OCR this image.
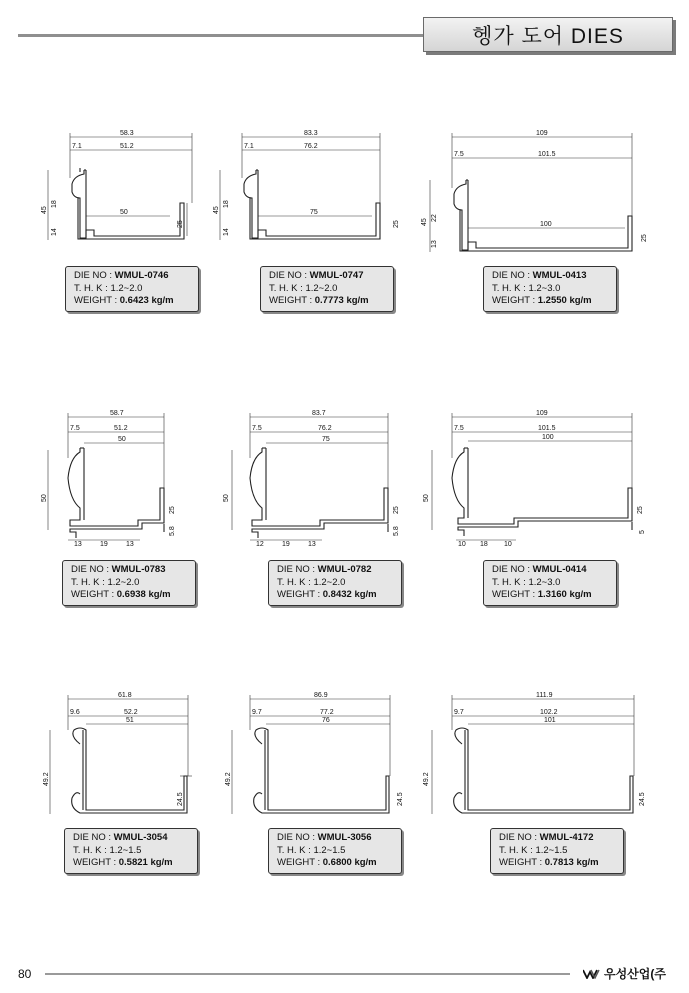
헹가 도어 DIES
58.3
7.1	51.2
50
45
18
14
25
DIE NO : WMUL-0746
T. H. K : 1.2~2.0
WEIGHT : 0.6423 kg/m
83.3
7.1	76.2
75
45
18
14
25
DIE NO : WMUL-0747
T. H. K : 1.2~2.0
WEIGHT : 0.7773 kg/m
109
7.5	101.5
100
45
22
13
25
DIE NO : WMUL-0413
T. H. K : 1.2~3.0
WEIGHT : 1.2550 kg/m
58.7
7.5	51.2
50
50
25
5.8
13	19	13
DIE NO : WMUL-0783
T. H. K : 1.2~2.0
WEIGHT : 0.6938 kg/m
83.7
7.5	76.2
75
50
25
5.8
12	19	13
DIE NO : WMUL-0782
T. H. K : 1.2~2.0
WEIGHT : 0.8432 kg/m
109
7.5	101.5
100
50
25
5
10 18 10
DIE NO : WMUL-0414
T. H. K : 1.2~3.0
WEIGHT : 1.3160 kg/m
61.8
9.6	52.2
51
49.2
24.5
DIE NO : WMUL-3054
T. H. K : 1.2~1.5
WEIGHT : 0.5821 kg/m
86.9
9.7	77.2
76
49.2
24.5
DIE NO : WMUL-3056
T. H. K : 1.2~1.5
WEIGHT : 0.6800 kg/m
111.9
9.7	102.2
101
49.2
24.5
DIE NO : WMUL-4172
T. H. K : 1.2~1.5
WEIGHT : 0.7813 kg/m
80	우성산업(주
